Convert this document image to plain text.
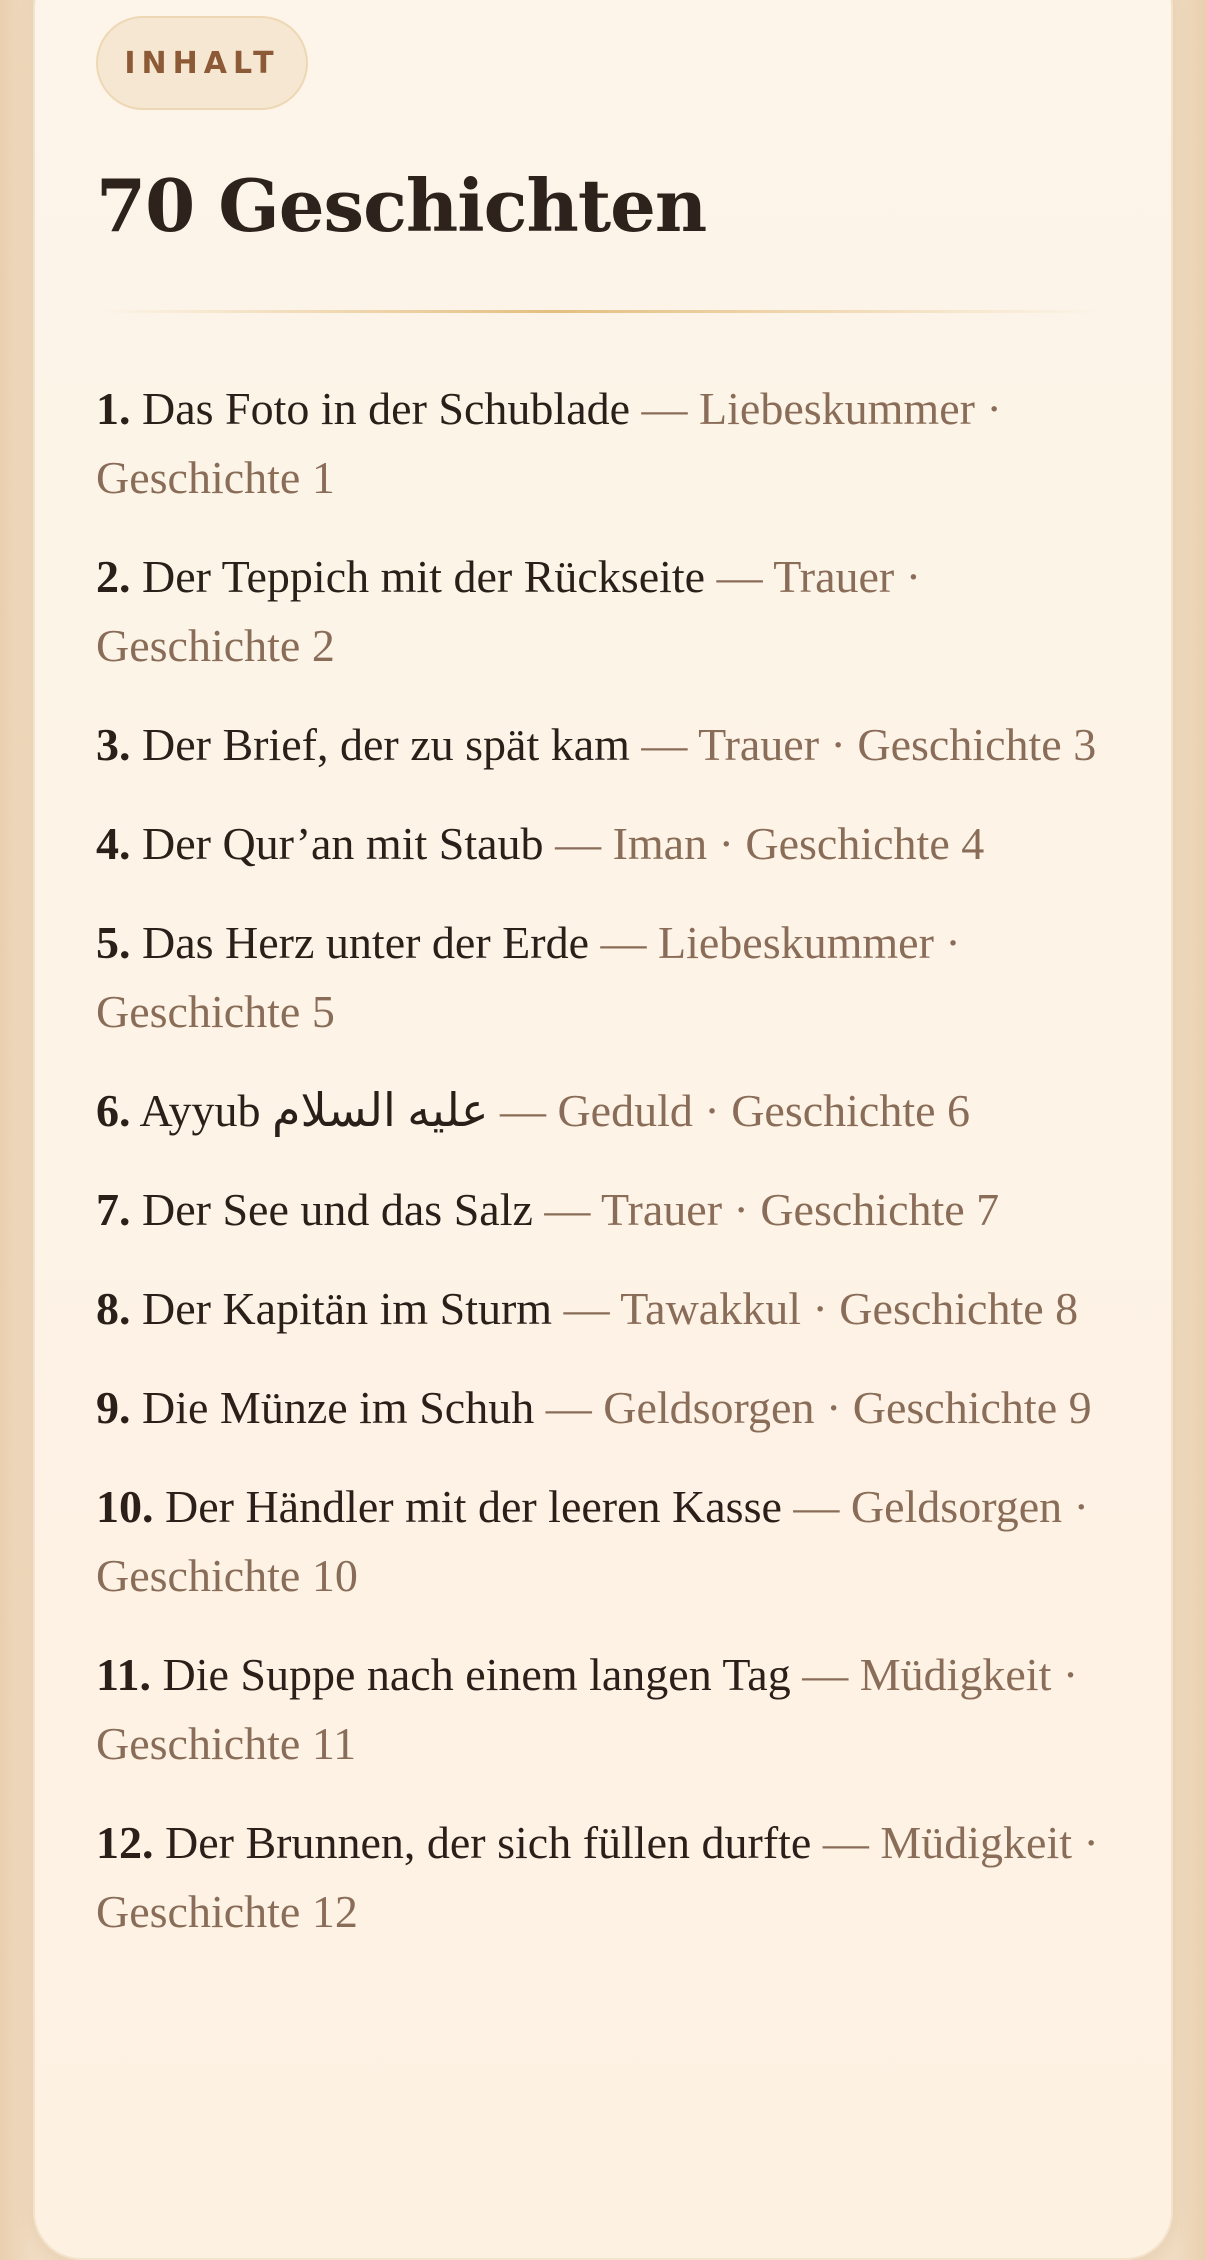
INHALT
70 Geschichten
1. Das Foto in der Schublade — Liebeskummer · Geschichte 1
2. Der Teppich mit der Rückseite — Trauer · Geschichte 2
3. Der Brief, der zu spät kam — Trauer · Geschichte 3
4. Der Qur’an mit Staub — Iman · Geschichte 4
5. Das Herz unter der Erde — Liebeskummer · Geschichte 5
6. Ayyub عليه السلام — Geduld · Geschichte 6
7. Der See und das Salz — Trauer · Geschichte 7
8. Der Kapitän im Sturm — Tawakkul · Geschichte 8
9. Die Münze im Schuh — Geldsorgen · Geschichte 9
10. Der Händler mit der leeren Kasse — Geldsorgen · Geschichte 10
11. Die Suppe nach einem langen Tag — Müdigkeit · Geschichte 11
12. Der Brunnen, der sich füllen durfte — Müdigkeit · Geschichte 12
